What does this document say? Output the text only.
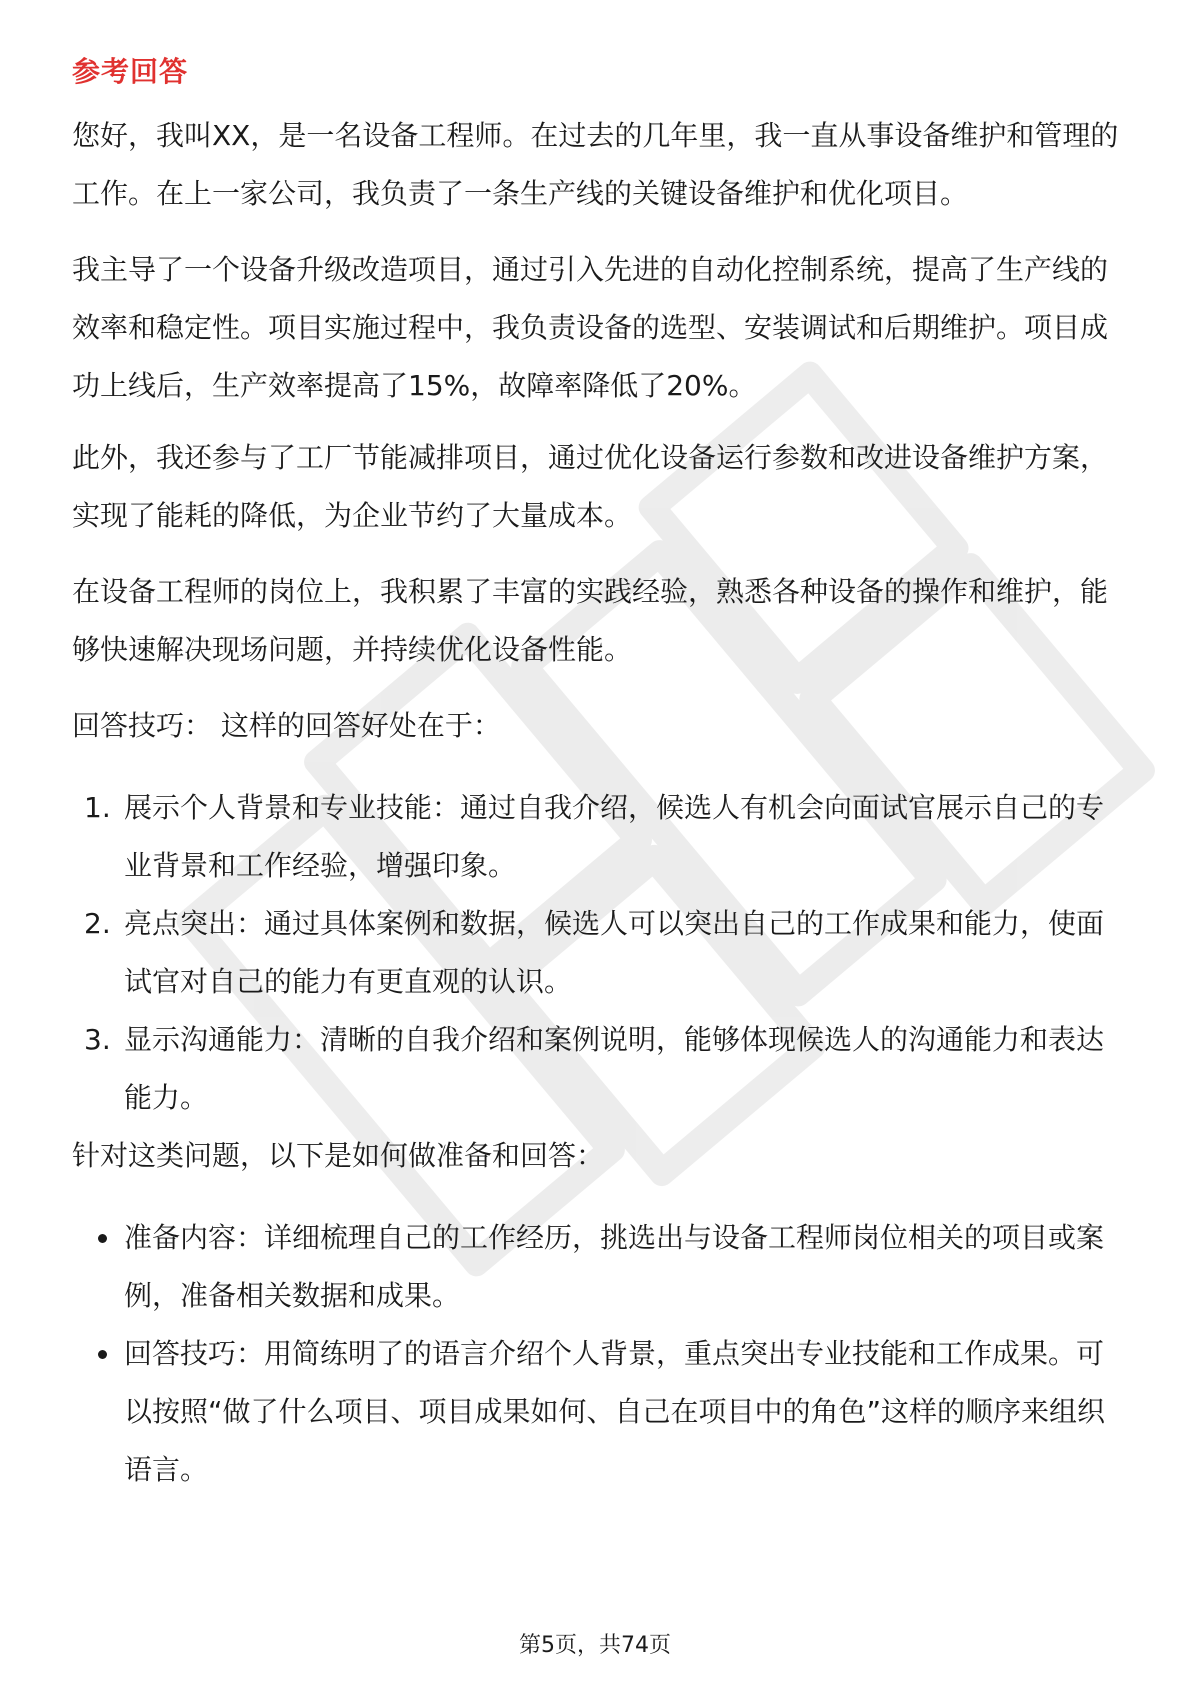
参考回答

您好，我叫XX，是一名设备工程师。在过去的几年里，我一直从事设备维护和管理的工作。在上一家公司，我负责了一条生产线的关键设备维护和优化项目。

我主导了一个设备升级改造项目，通过引入先进的自动化控制系统，提高了生产线的效率和稳定性。项目实施过程中，我负责设备的选型、安装调试和后期维护。项目成功上线后，生产效率提高了15%，故障率降低了20%。

此外，我还参与了工厂节能减排项目，通过优化设备运行参数和改进设备维护方案，实现了能耗的降低，为企业节约了大量成本。

在设备工程师的岗位上，我积累了丰富的实践经验，熟悉各种设备的操作和维护，能够快速解决现场问题，并持续优化设备性能。

回答技巧： 这样的回答好处在于：

1. 展示个人背景和专业技能：通过自我介绍，候选人有机会向面试官展示自己的专业背景和工作经验，增强印象。
2. 亮点突出：通过具体案例和数据，候选人可以突出自己的工作成果和能力，使面试官对自己的能力有更直观的认识。
3. 显示沟通能力：清晰的自我介绍和案例说明，能够体现候选人的沟通能力和表达能力。

针对这类问题，以下是如何做准备和回答：

准备内容：详细梳理自己的工作经历，挑选出与设备工程师岗位相关的项目或案例，准备相关数据和成果。
回答技巧：用简练明了的语言介绍个人背景，重点突出专业技能和工作成果。可以按照“做了什么项目、项目成果如何、自己在项目中的角色”这样的顺序来组织语言。
第5页，共74页
